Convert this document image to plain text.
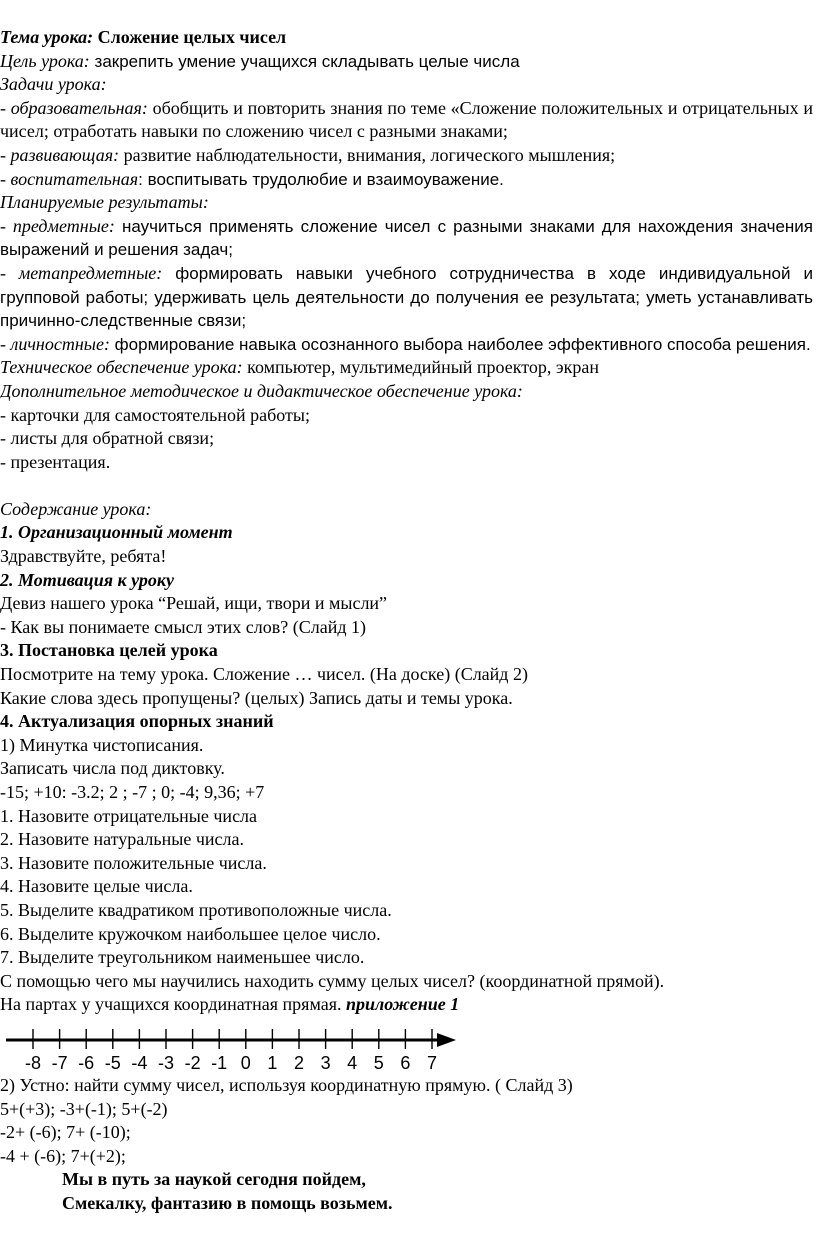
Тема урока: Сложение целых чисел

Цель урока: закрепить умение учащихся складывать целые числа

Задачи урока:

- образовательная: обобщить и повторить знания по теме «Сложение положительных и отрицательных и чисел; отработать навыки по сложению чисел с разными знаками;

- развивающая: развитие наблюдательности, внимания, логического мышления;

- воспитательная: воспитывать трудолюбие и взаимоуважение.

Планируемые результаты:

- предметные: научиться применять сложение чисел с разными знаками для нахождения значения выражений и решения задач;

- метапредметные: формировать навыки учебного сотрудничества в ходе индивидуальной и групповой работы; удерживать цель деятельности до получения ее результата; уметь устанавливать причинно-следственные связи;

- личностные: формирование навыка осознанного выбора наиболее эффективного способа решения.

Техническое обеспечение урока: компьютер, мультимедийный проектор, экран

Дополнительное методическое и дидактическое обеспечение урока:

- карточки для самостоятельной работы;

- листы для обратной связи;

- презентация.

Содержание урока:

1. Организационный момент

Здравствуйте, ребята!

2. Мотивация к уроку

Девиз нашего урока “Решай, ищи, твори и мысли”

- Как вы понимаете смысл этих слов? (Слайд 1)

3. Постановка целей урока

Посмотрите на тему урока. Сложение … чисел. (На доске) (Слайд 2)

Какие слова здесь пропущены? (целых) Запись даты и темы урока.

4. Актуализация опорных знаний

1) Минутка чистописания.

Записать числа под диктовку.

-15; +10: -3.2; 2 ; -7 ; 0; -4; 9,36; +7

1. Назовите отрицательные числа

2. Назовите натуральные числа.

3. Назовите положительные числа.

4. Назовите целые числа.

5. Выделите квадратиком противоположные числа.

6. Выделите кружочком наибольшее целое число.

7. Выделите треугольником наименьшее число.

С помощью чего мы научились находить сумму целых чисел? (координатной прямой).

На партах у учащихся координатная прямая. приложение 1

-8 -7 -6 -5 -4 -3 -2 -1 0 1 2 3 4 5 6 7

2) Устно: найти сумму чисел, используя координатную прямую. ( Слайд 3)

5+(+3); -3+(-1); 5+(-2)

-2+ (-6); 7+ (-10);

-4 + (-6); 7+(+2);

Мы в путь за наукой сегодня пойдем,

Смекалку, фантазию в помощь возьмем.
